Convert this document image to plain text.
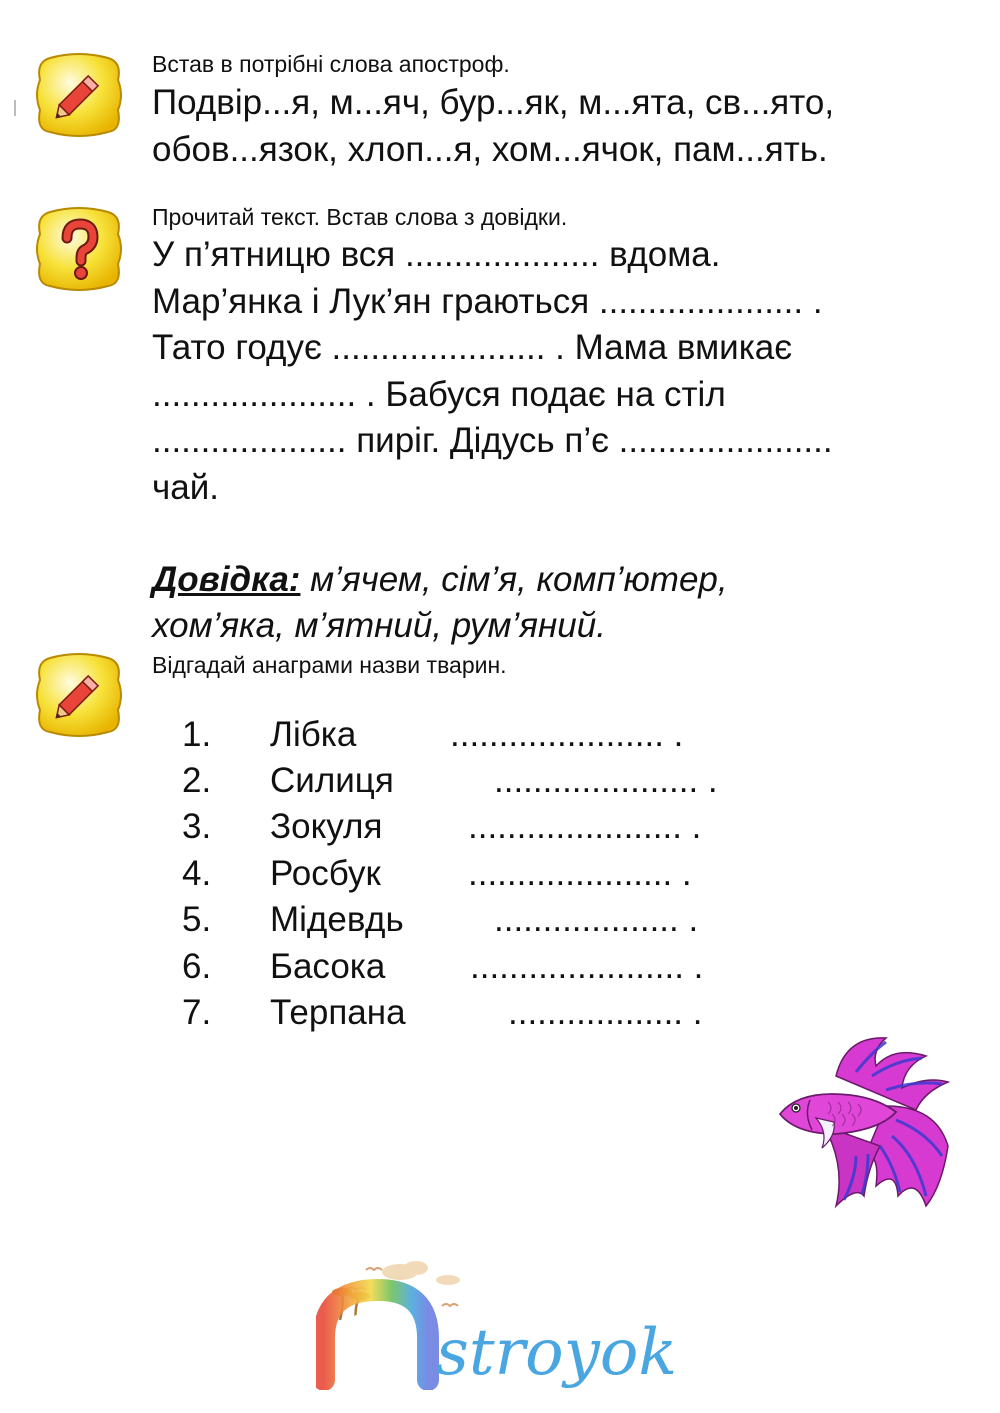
Встав в потрібні слова апостроф.
Подвір...я, м...яч, бур...як, м...ята, св...ято,
обов...язок, хлоп...я, хом...ячок, пам...ять.
Прочитай текст. Встав слова з довідки.
У п’ятницю вся .................... вдома.
Мар’янка і Лук’ян граються ..................... .
Тато годує ...................... . Мама вмикає
..................... . Бабуся подає на стіл
.................... пиріг. Дідусь п’є ......................
чай.
Довідка: м’ячем, сім’я, комп’ютер,
хом’яка, м’ятний, рум’яний.
Відгадай анаграми назви тварин.
1. Лібка	...................... .
2. Силиця	..................... .
3. Зокуля ...................... .
4. Росбук ..................... .
5. Мідевдь	................... .
6. Басока ...................... .
7. Терпана	.................. .
stroyok
